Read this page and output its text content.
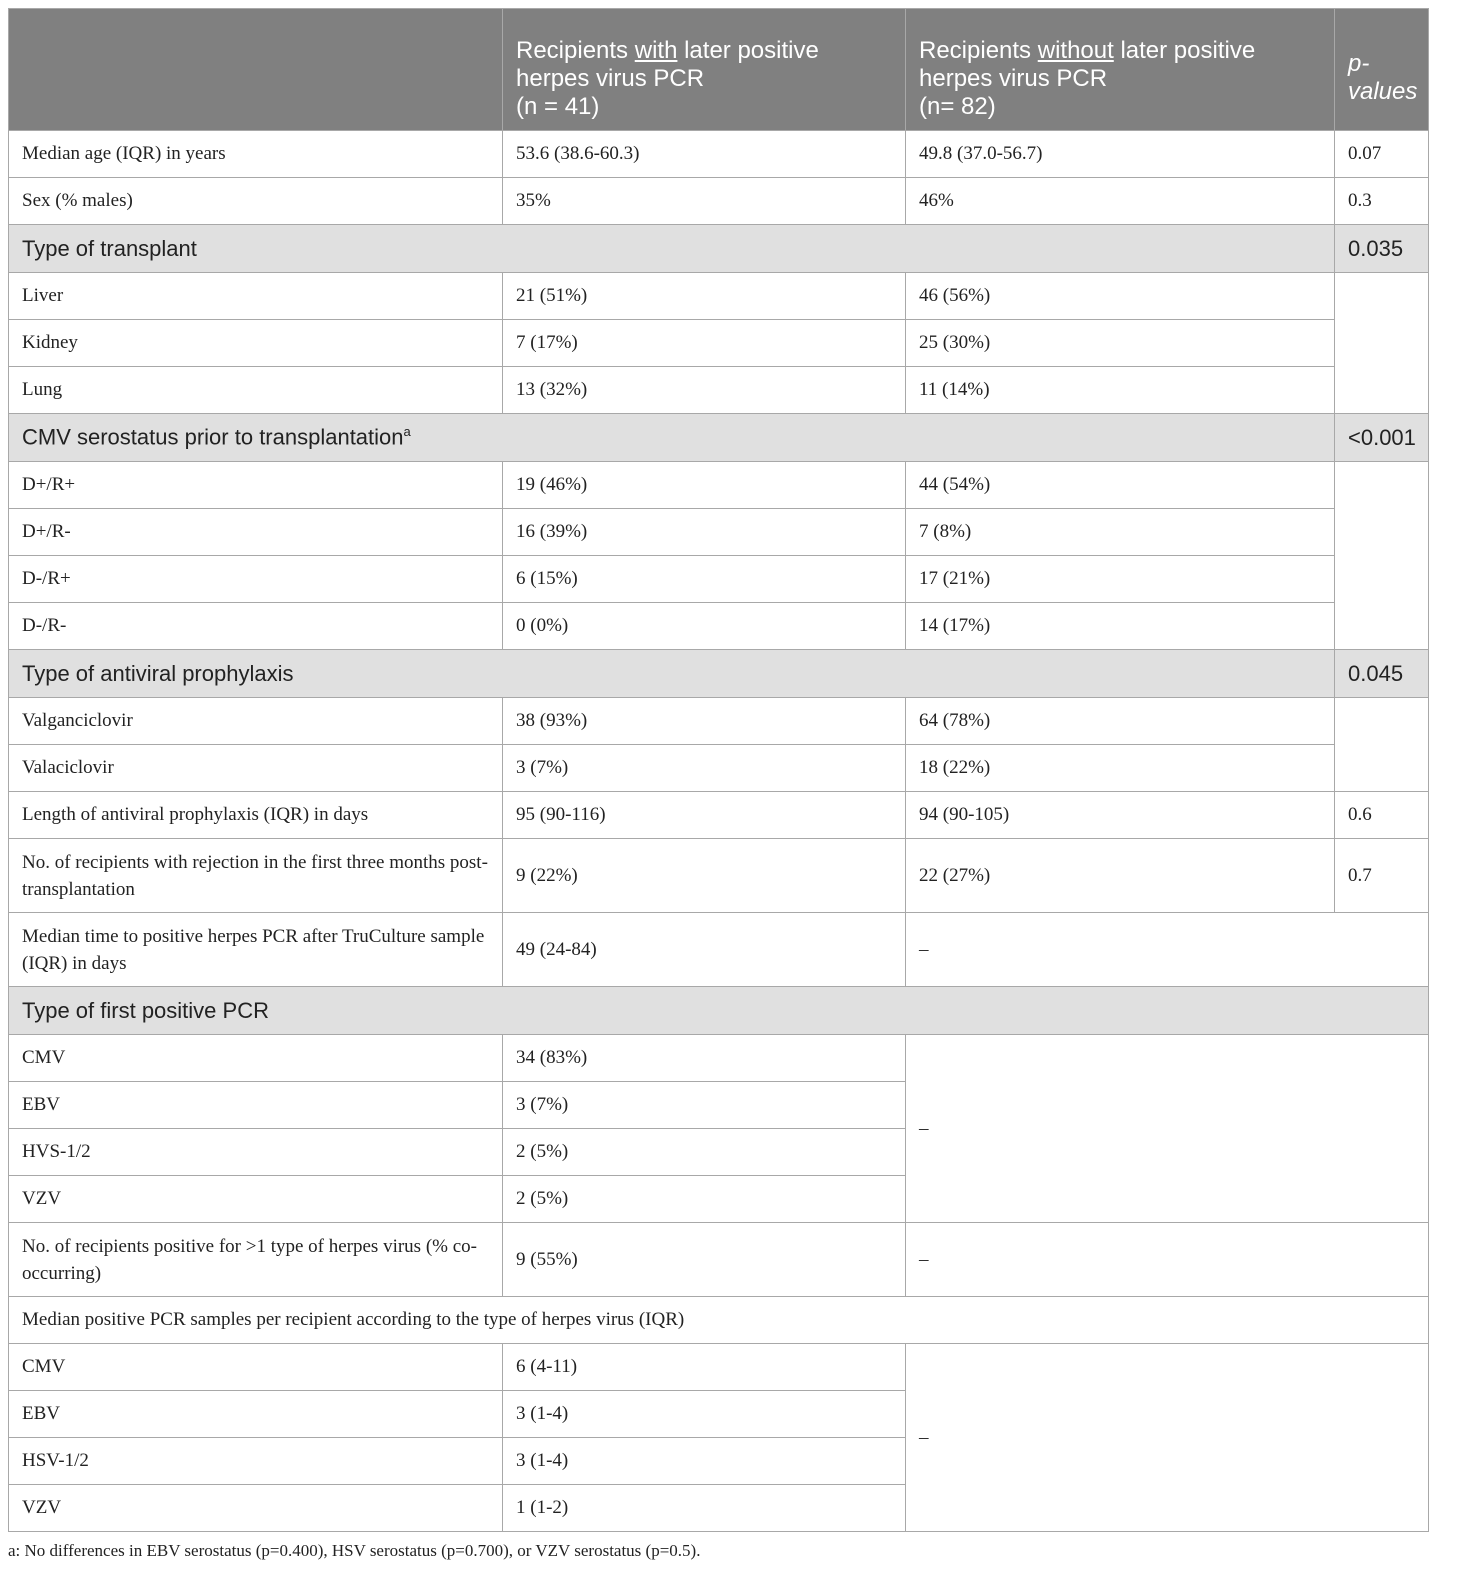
	Recipients with later positive
herpes virus PCR
(n = 41)	Recipients without later positive
herpes virus PCR
(n= 82)	p-
values
Median age (IQR) in years	53.6 (38.6-60.3)	49.8 (37.0-56.7)	0.07
Sex (% males)	35%	46%	0.3
Type of transplant			0.035
Liver	21 (51%)	46 (56%)	
Kidney	7 (17%)	25 (30%)	
Lung	13 (32%)	11 (14%)	
CMV serostatus prior to transplantation$^a$			<0.001
D+/R+	19 (46%)	44 (54%)	
D+/R-	16 (39%)	7 (8%)	
D-/R+	6 (15%)	17 (21%)	
D-/R-	0 (0%)	14 (17%)	
Type of antiviral prophylaxis			0.045
Valganciclovir	38 (93%)	64 (78%)	
Valaciclovir	3 (7%)	18 (22%)	
Length of antiviral prophylaxis (IQR) in days	95 (90-116)	94 (90-105)	0.6
No. of recipients with rejection in the first three months post-transplantation	9 (22%)	22 (27%)	0.7
Median time to positive herpes PCR after TruCulture sample (IQR) in days	49 (24-84)	–	
Type of first positive PCR			
CMV	34 (83%)	–	
EBV	3 (7%)		
HVS-1/2	2 (5%)		
VZV	2 (5%)		
No. of recipients positive for >1 type of herpes virus (% co-occurring)	9 (55%)	–	
Median positive PCR samples per recipient according to the type of herpes virus (IQR)			
CMV	6 (4-11)	–	
EBV	3 (1-4)		
HSV-1/2	3 (1-4)		
VZV	1 (1-2)		
a: No differences in EBV serostatus (p=0.400), HSV serostatus (p=0.700), or VZV serostatus (p=0.5).
